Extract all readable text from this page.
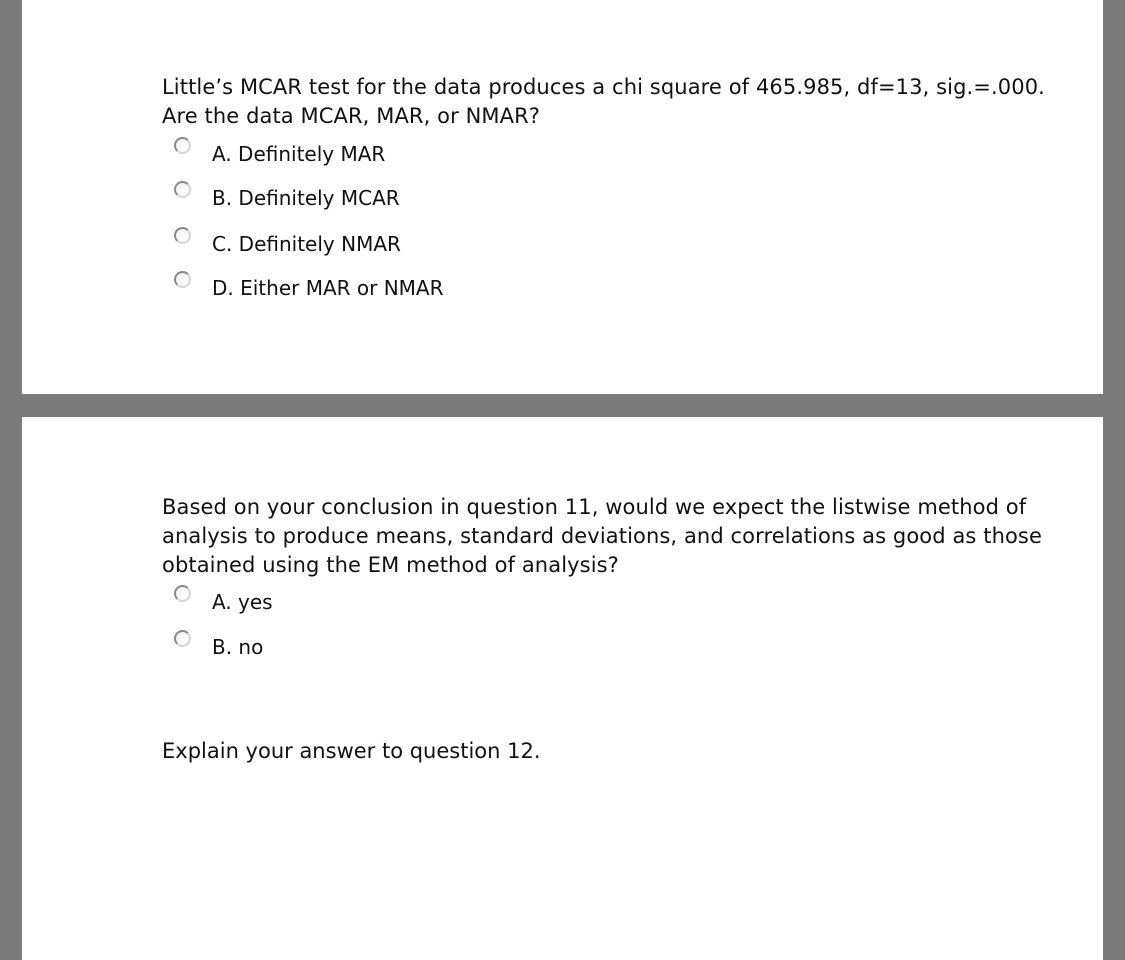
Little’s MCAR test for the data produces a chi square of 465.985, df=13, sig.=.000. Are the data MCAR, MAR, or NMAR?

A. Definitely MAR
B. Definitely MCAR
C. Definitely NMAR
D. Either MAR or NMAR

Based on your conclusion in question 11, would we expect the listwise method of analysis to produce means, standard deviations, and correlations as good as those obtained using the EM method of analysis?

A. yes
B. no

Explain your answer to question 12.
